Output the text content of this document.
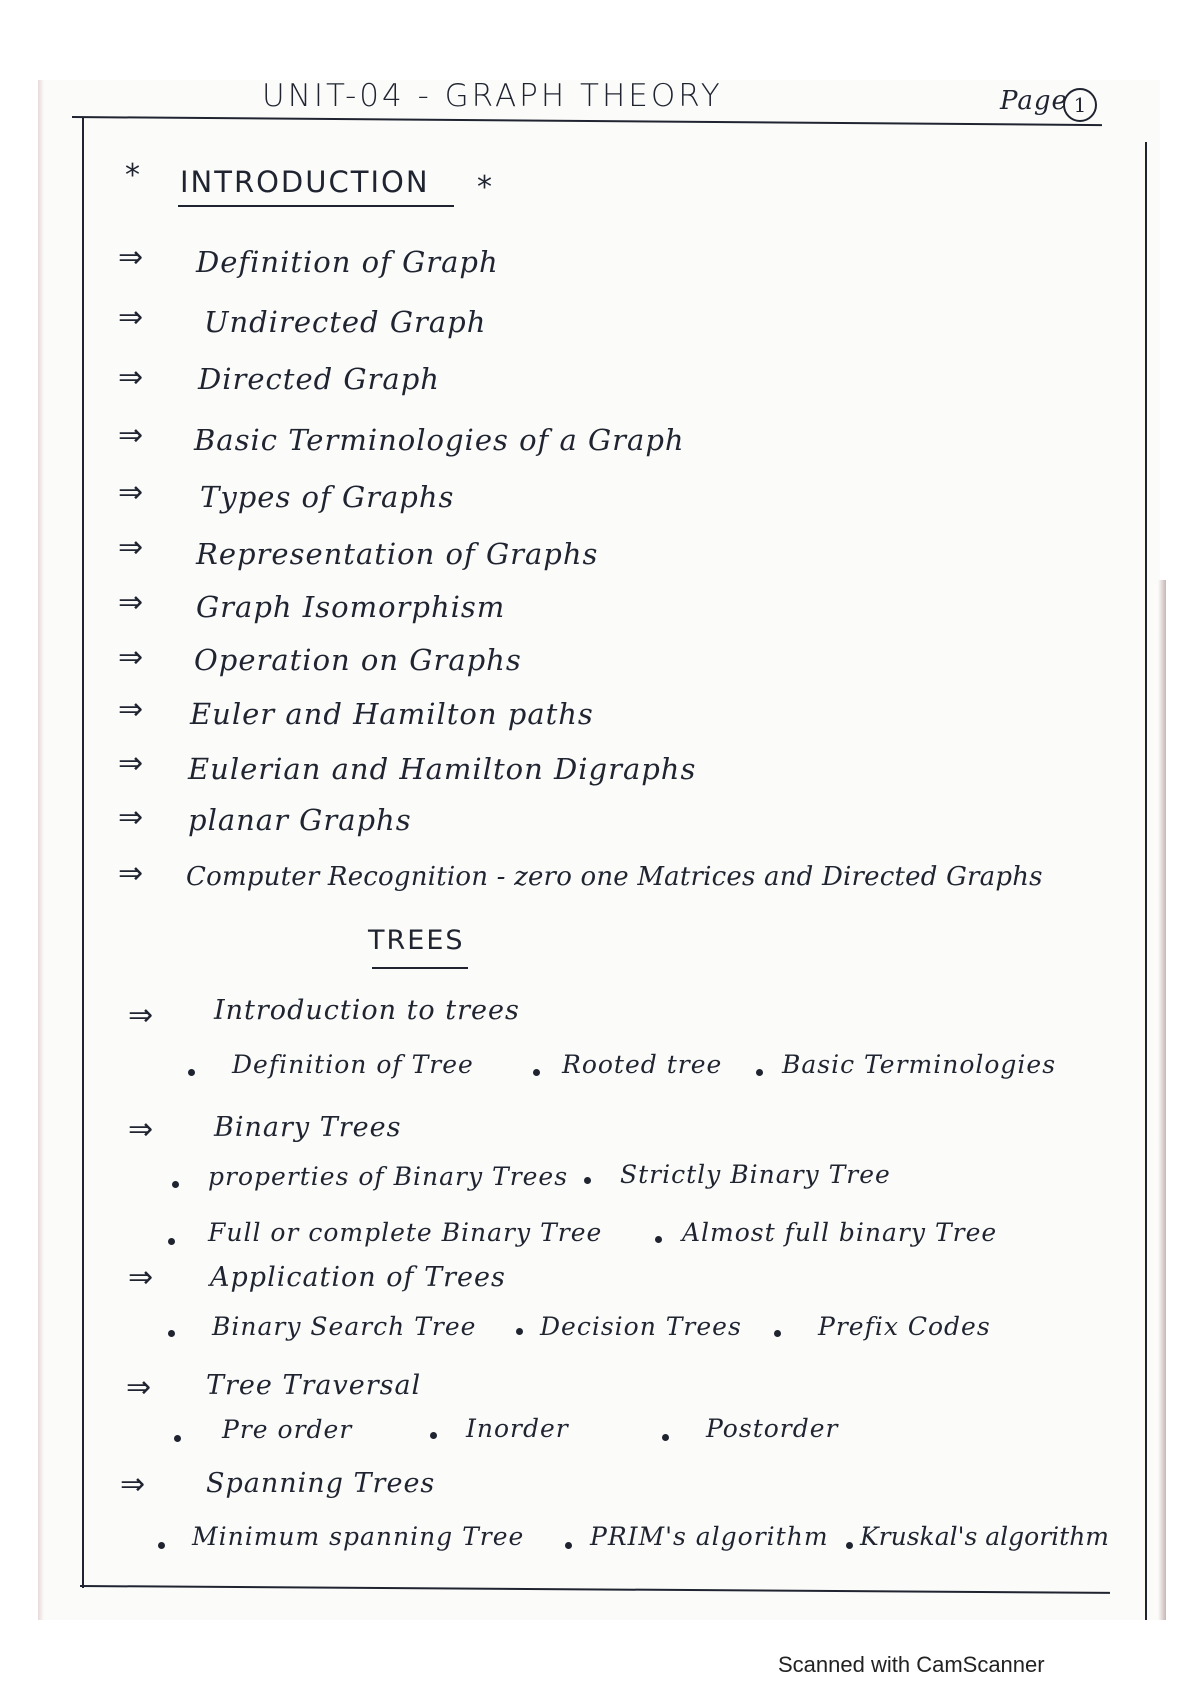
UNIT-04 - GRAPH THEORY	Page 1
* INTRODUCTION *
⇒ Definition of Graph
⇒ Undirected Graph
⇒ Directed Graph
⇒ Basic Terminologies of a Graph
⇒ Types of Graphs
⇒ Representation of Graphs
⇒ Graph Isomorphism
⇒ Operation on Graphs
⇒ Euler and Hamilton paths
⇒ Eulerian and Hamilton Digraphs
⇒ planar Graphs
⇒ Computer Recognition - zero one Matrices and Directed Graphs
TREES
⇒ Introduction to trees
Definition of Tree	Rooted tree Basic Terminologies
⇒ Binary Trees
properties of Binary Trees Strictly Binary Tree
Full or complete Binary Tree	Almost full binary Tree
⇒ Application of Trees
Binary Search Tree	Decision Trees	Prefix Codes
⇒ Tree Traversal
Pre order	Inorder	Postorder
⇒ Spanning Trees
Minimum spanning Tree	PRIM's algorithm Kruskal's algorithm
Scanned with CamScanner
